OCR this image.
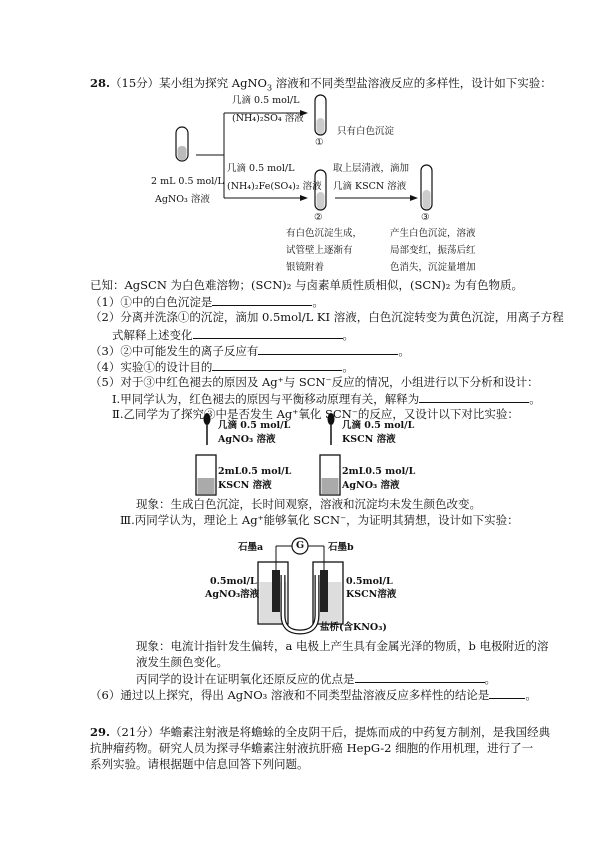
28.（15分）某小组为探究 AgNO$_3$ 溶液和不同类型盐溶液反应的多样性，设计如下实验：
几滴 0.5 mol/L
(NH₄)₂SO₄ 溶液
①
只有白色沉淀
2 mL 0.5 mol/L
AgNO₃ 溶液
几滴 0.5 mol/L
(NH₄)₂Fe(SO₄)₂ 溶液
取上层清液，滴加
几滴 KSCN 溶液
②	③
有白色沉淀生成，
试管壁上逐渐有
银镜附着
产生白色沉淀，溶液
局部变红，振荡后红
色消失，沉淀量增加
已知：AgSCN 为白色难溶物；(SCN)₂ 与卤素单质性质相似，(SCN)₂ 为有色物质。
（1）①中的白色沉淀是	。
（2）分离并洗涤①的沉淀，滴加 0.5mol/L KI 溶液，白色沉淀转变为黄色沉淀，用离子方程
式解释上述变化	。
（3）②中可能发生的离子反应有	。
（4）实验①的设计目的	。
（5）对于③中红色褪去的原因及 Ag⁺与 SCN⁻反应的情况，小组进行以下分析和设计：
Ⅰ.甲同学认为，红色褪去的原因与平衡移动原理有关，解释为	。
Ⅱ.乙同学为了探究③中是否发生 Ag⁺氧化 SCN⁻的反应，又设计以下对比实验：
几滴 0.5 mol/L
AgNO₃ 溶液
2mL0.5 mol/L
KSCN 溶液
几滴 0.5 mol/L
KSCN 溶液
2mL0.5 mol/L
AgNO₃ 溶液
现象：生成白色沉淀，长时间观察，溶液和沉淀均未发生颜色改变。
Ⅲ.丙同学认为，理论上 Ag⁺能够氧化 SCN⁻，为证明其猜想，设计如下实验：
G
石墨a	石墨b
0.5mol/L
AgNO₃溶液
0.5mol/L
KSCN溶液
盐桥(含KNO₃)
现象：电流计指针发生偏转，a 电极上产生具有金属光泽的物质，b 电极附近的溶
液发生颜色变化。
丙同学的设计在证明氧化还原反应的优点是	。
（6）通过以上探究，得出 AgNO₃ 溶液和不同类型盐溶液反应多样性的结论是	。
29.（21分）华蟾素注射液是将蟾蜍的全皮阴干后，提炼而成的中药复方制剂，是我国经典
抗肿瘤药物。研究人员为探寻华蟾素注射液抗肝癌 HepG-2 细胞的作用机理，进行了一
系列实验。请根据题中信息回答下列问题。
